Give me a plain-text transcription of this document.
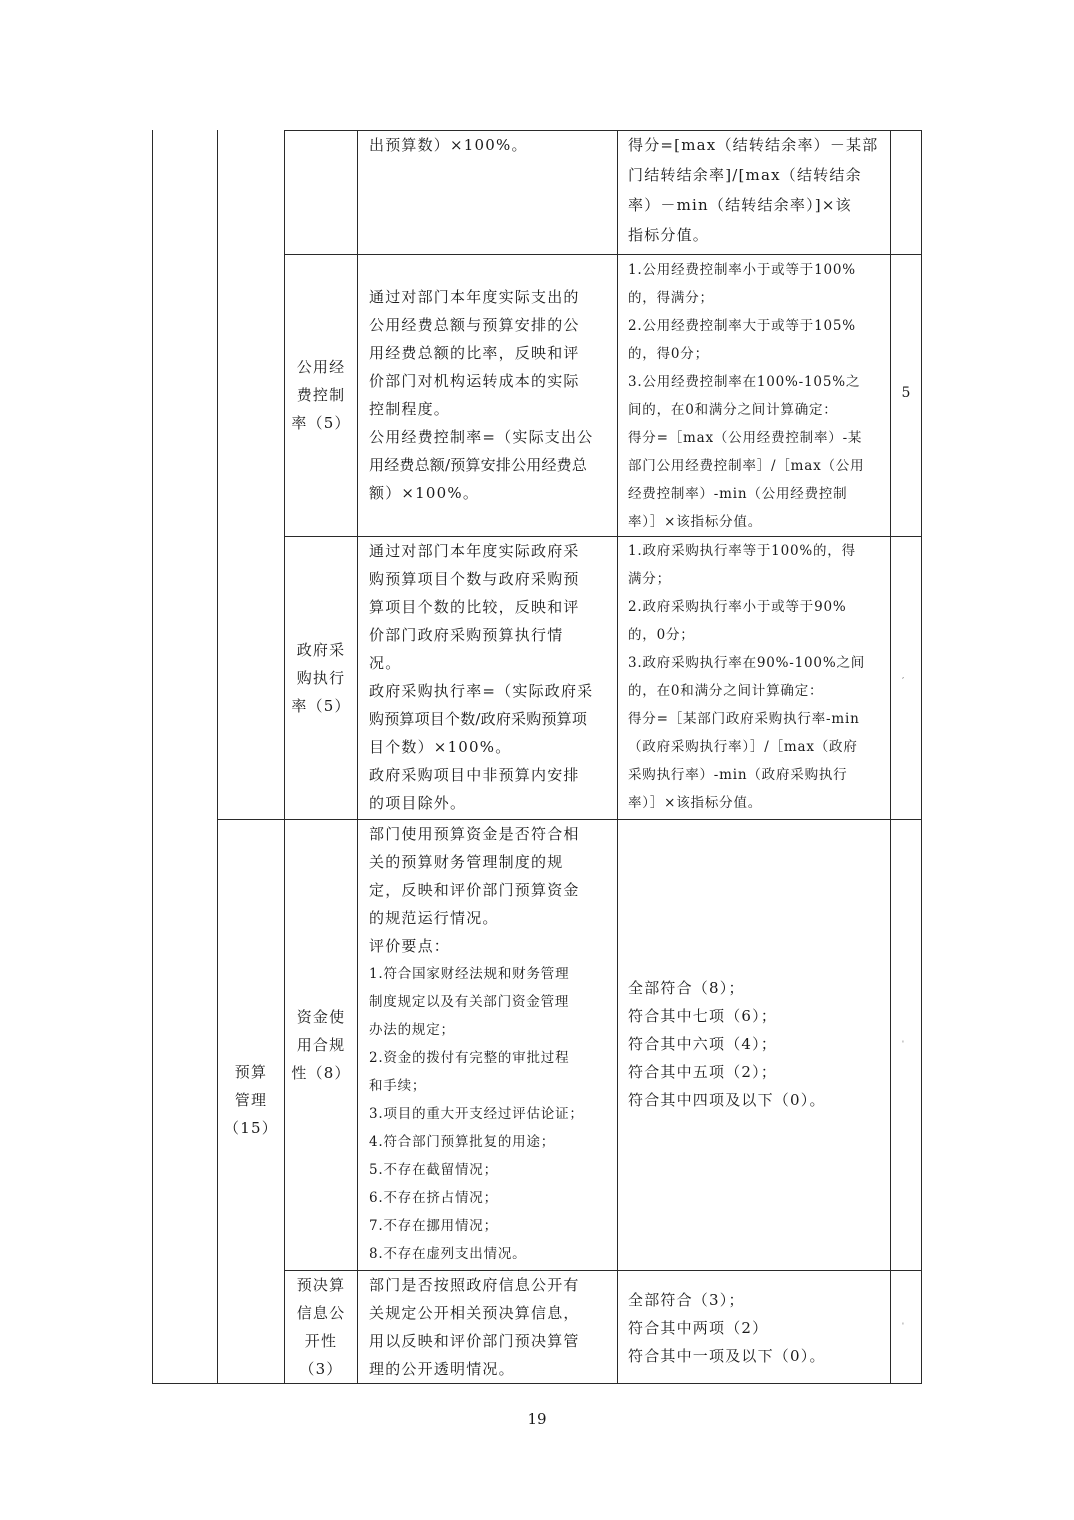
预算
管理
（15）
出预算数）×100%。	得分=[max（结转结余率）－某部
门结转结余率]/[max（结转结余
率）－min（结转结余率）]×该
指标分值。
公用经
费控制
率（5）
通过对部门本年度实际支出的
公用经费总额与预算安排的公
用经费总额的比率，反映和评
价部门对机构运转成本的实际
控制程度。
公用经费控制率=（实际支出公
用经费总额/预算安排公用经费总
额）×100%。
1.公用经费控制率小于或等于100%
的，得满分；
2.公用经费控制率大于或等于105%
的，得0分；
3.公用经费控制率在100%-105%之
间的，在0和满分之间计算确定：
得分=［max（公用经费控制率）-某
部门公用经费控制率］/［max（公用
经费控制率）-min（公用经费控制
率）］×该指标分值。
5
政府采
购执行
率（5）
通过对部门本年度实际政府采
购预算项目个数与政府采购预
算项目个数的比较，反映和评
价部门政府采购预算执行情
况。
政府采购执行率=（实际政府采
购预算项目个数/政府采购预算项
目个数）×100%。
政府采购项目中非预算内安排
的项目除外。
1.政府采购执行率等于100%的，得
满分；
2.政府采购执行率小于或等于90%
的，0分；
3.政府采购执行率在90%-100%之间
的，在0和满分之间计算确定：
得分=［某部门政府采购执行率-min
（政府采购执行率）］/［max（政府
采购执行率）-min（政府采购执行
率）］×该指标分值。
,
资金使
用合规
性（8）
部门使用预算资金是否符合相
关的预算财务管理制度的规
定，反映和评价部门预算资金
的规范运行情况。
评价要点：
1.符合国家财经法规和财务管理
制度规定以及有关部门资金管理
办法的规定；
2.资金的拨付有完整的审批过程
和手续；
3.项目的重大开支经过评估论证；
4.符合部门预算批复的用途；
5.不存在截留情况；
6.不存在挤占情况；
7.不存在挪用情况；
8.不存在虚列支出情况。
全部符合（8）；
符合其中七项（6）；
符合其中六项（4）；
符合其中五项（2）；
符合其中四项及以下（0）。
'
预决算
信息公
开性
（3）
部门是否按照政府信息公开有
关规定公开相关预决算信息，
用以反映和评价部门预决算管
理的公开透明情况。
全部符合（3）；
符合其中两项（2）
符合其中一项及以下（0）。
'
19
